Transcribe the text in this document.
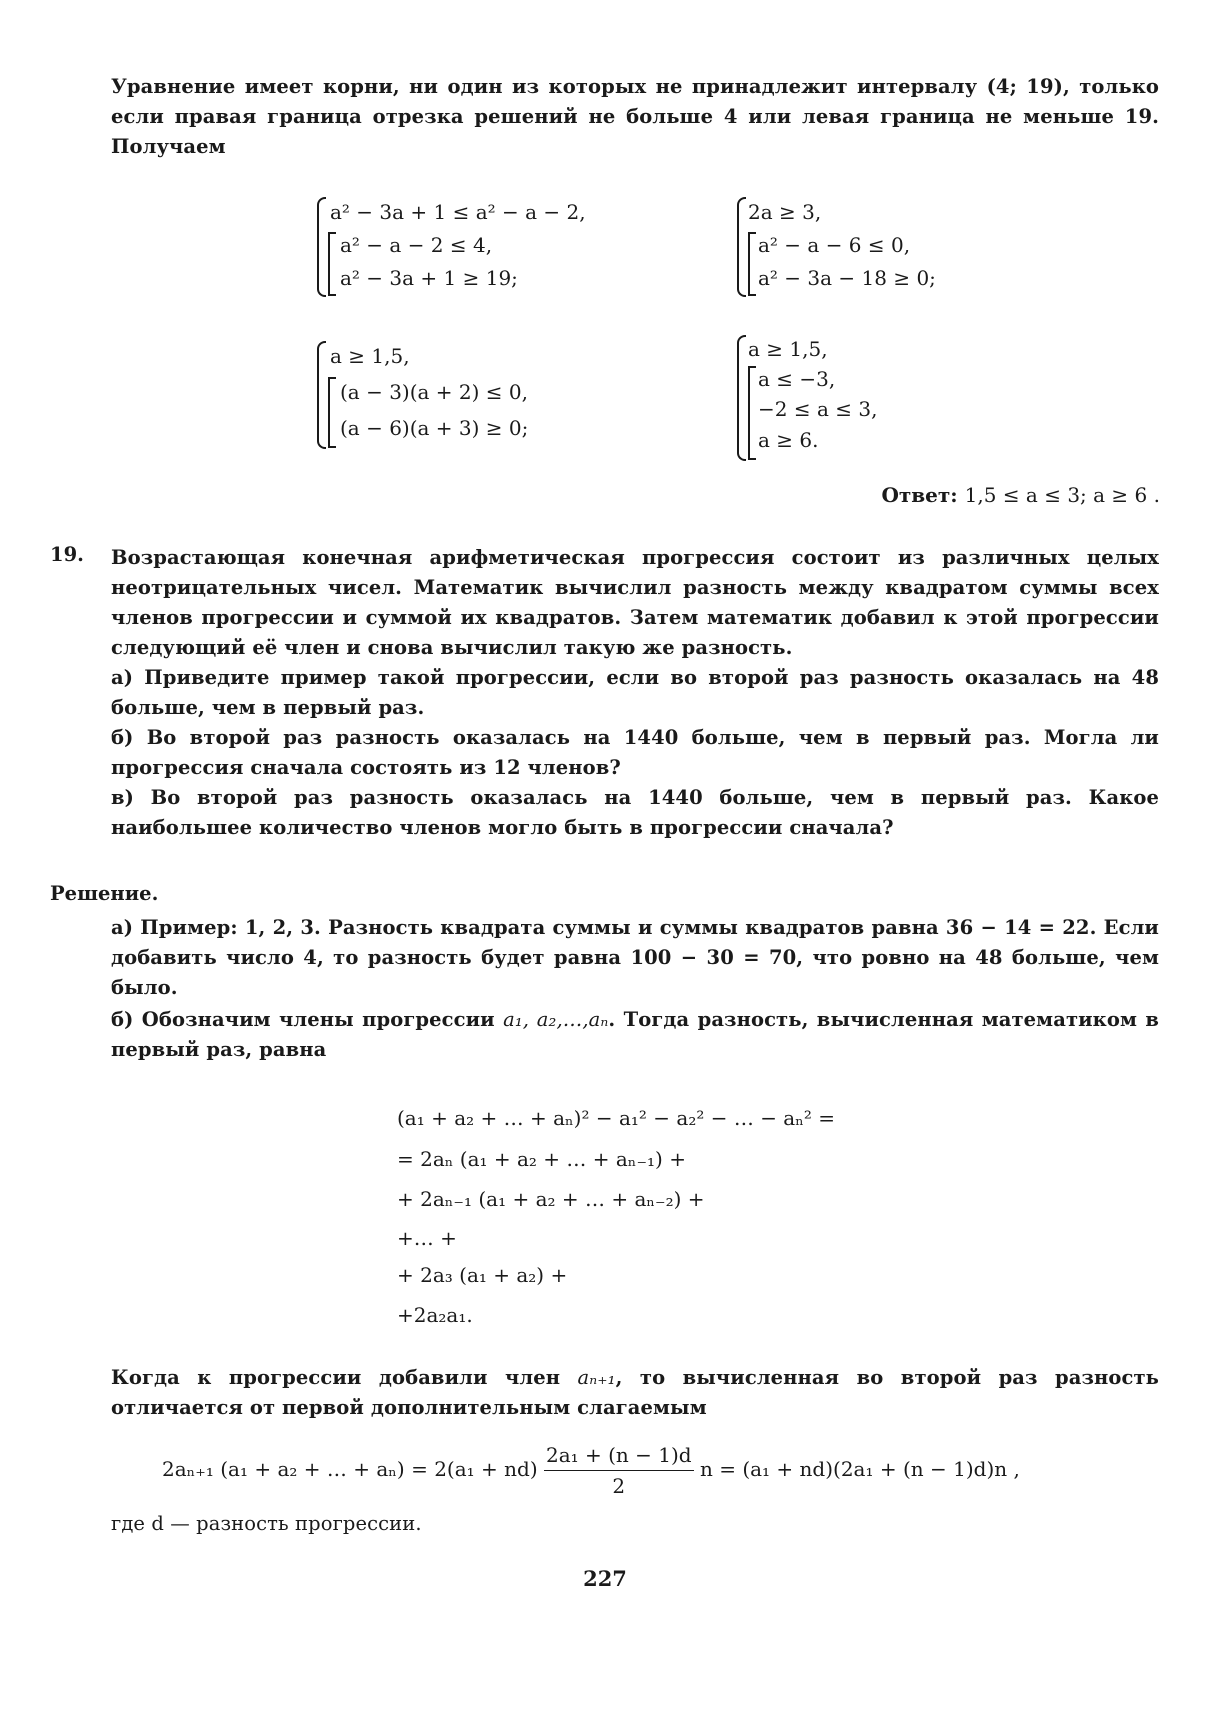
Уравнение имеет корни, ни один из которых не принадлежит интервалу (4; 19), только если правая граница отрезка решений не больше 4 или левая граница не меньше 19. Получаем
a² − 3a + 1 ≤ a² − a − 2,
a² − a − 2 ≤ 4,
a² − 3a + 1 ≥ 19;
2a ≥ 3,
a² − a − 6 ≤ 0,
a² − 3a − 18 ≥ 0;
a ≥ 1,5,
(a − 3)(a + 2) ≤ 0,
(a − 6)(a + 3) ≥ 0;
a ≥ 1,5,
a ≤ −3,
−2 ≤ a ≤ 3,
a ≥ 6.
Ответ: 1,5 ≤ a ≤ 3; a ≥ 6 .
19. Возрастающая конечная арифметическая прогрессия состоит из различных целых неотрицательных чисел. Математик вычислил разность между квадратом суммы всех членов прогрессии и суммой их квадратов. Затем математик добавил к этой прогрессии следующий её член и снова вычислил такую же разность.
а) Приведите пример такой прогрессии, если во второй раз разность оказалась на 48 больше, чем в первый раз.
б) Во второй раз разность оказалась на 1440 больше, чем в первый раз. Могла ли прогрессия сначала состоять из 12 членов?
в) Во второй раз разность оказалась на 1440 больше, чем в первый раз. Какое наибольшее количество членов могло быть в прогрессии сначала?
Решение.
а) Пример: 1, 2, 3. Разность квадрата суммы и суммы квадратов равна 36 − 14 = 22. Если добавить число 4, то разность будет равна 100 − 30 = 70, что ровно на 48 больше, чем было.
б) Обозначим члены прогрессии a₁, a₂,…,aₙ. Тогда разность, вычисленная математиком в первый раз, равна
(a₁ + a₂ + … + aₙ)² − a₁² − a₂² − … − aₙ² =
= 2aₙ (a₁ + a₂ + … + aₙ₋₁) +
+ 2aₙ₋₁ (a₁ + a₂ + … + aₙ₋₂) +
+… +
+ 2a₃ (a₁ + a₂) +
+2a₂a₁.
Когда к прогрессии добавили член aₙ₊₁, то вычисленная во второй раз разность отличается от первой дополнительным слагаемым
2aₙ₊₁ (a₁ + a₂ + … + $a_n) = 2(a_1 + nd) \frac{\text{2a₁ + (n − 1)d}}{2}$ n = (a₁ + nd)(2a₁ + (n − 1)d)n ,
где d — разность прогрессии.
227
